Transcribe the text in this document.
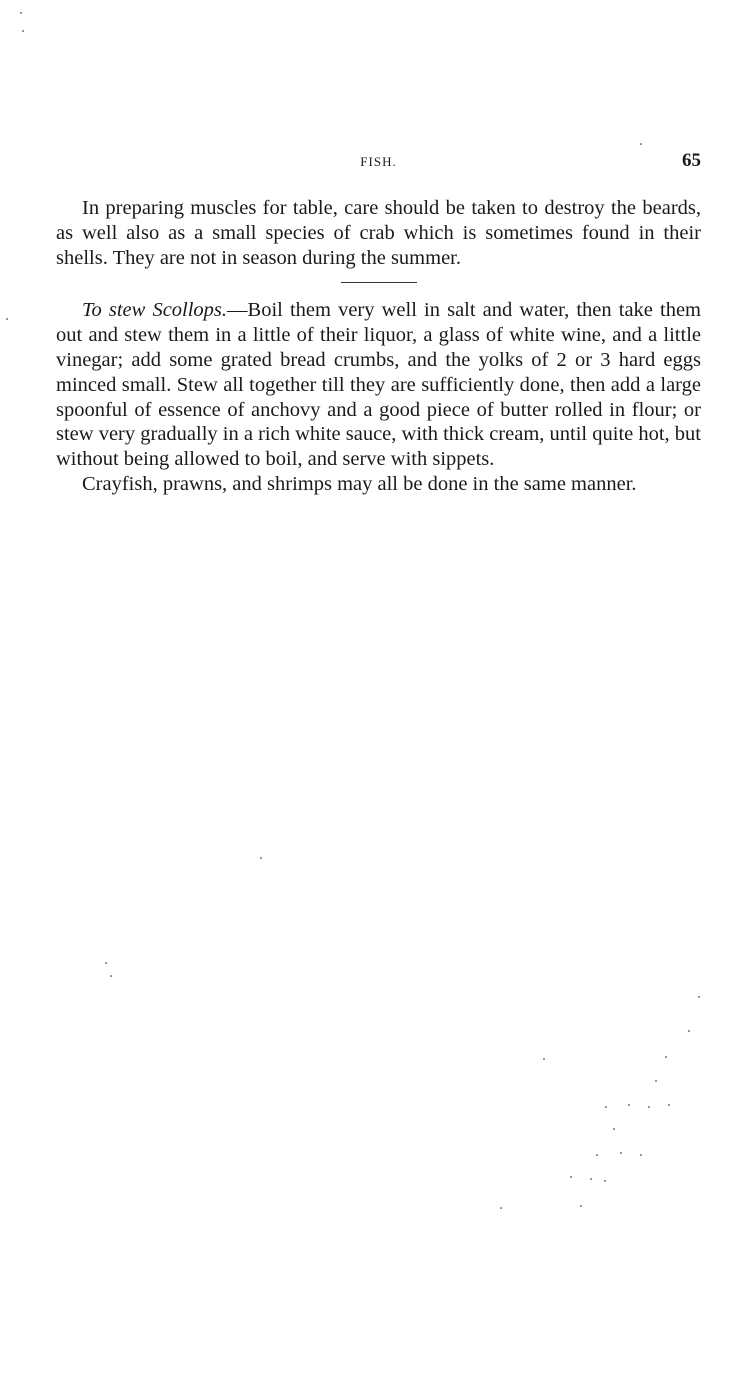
FISH.	65

In preparing muscles for table, care should be taken to destroy the beards, as well also as a small species of crab which is sometimes found in their shells. They are not in season during the summer.

To stew Scollops.—Boil them very well in salt and water, then take them out and stew them in a little of their liquor, a glass of white wine, and a little vinegar; add some grated bread crumbs, and the yolks of 2 or 3 hard eggs minced small. Stew all together till they are sufficiently done, then add a large spoonful of essence of anchovy and a good piece of butter rolled in flour; or stew very gradually in a rich white sauce, with thick cream, until quite hot, but without being allowed to boil, and serve with sippets.

Crayfish, prawns, and shrimps may all be done in the same manner.
